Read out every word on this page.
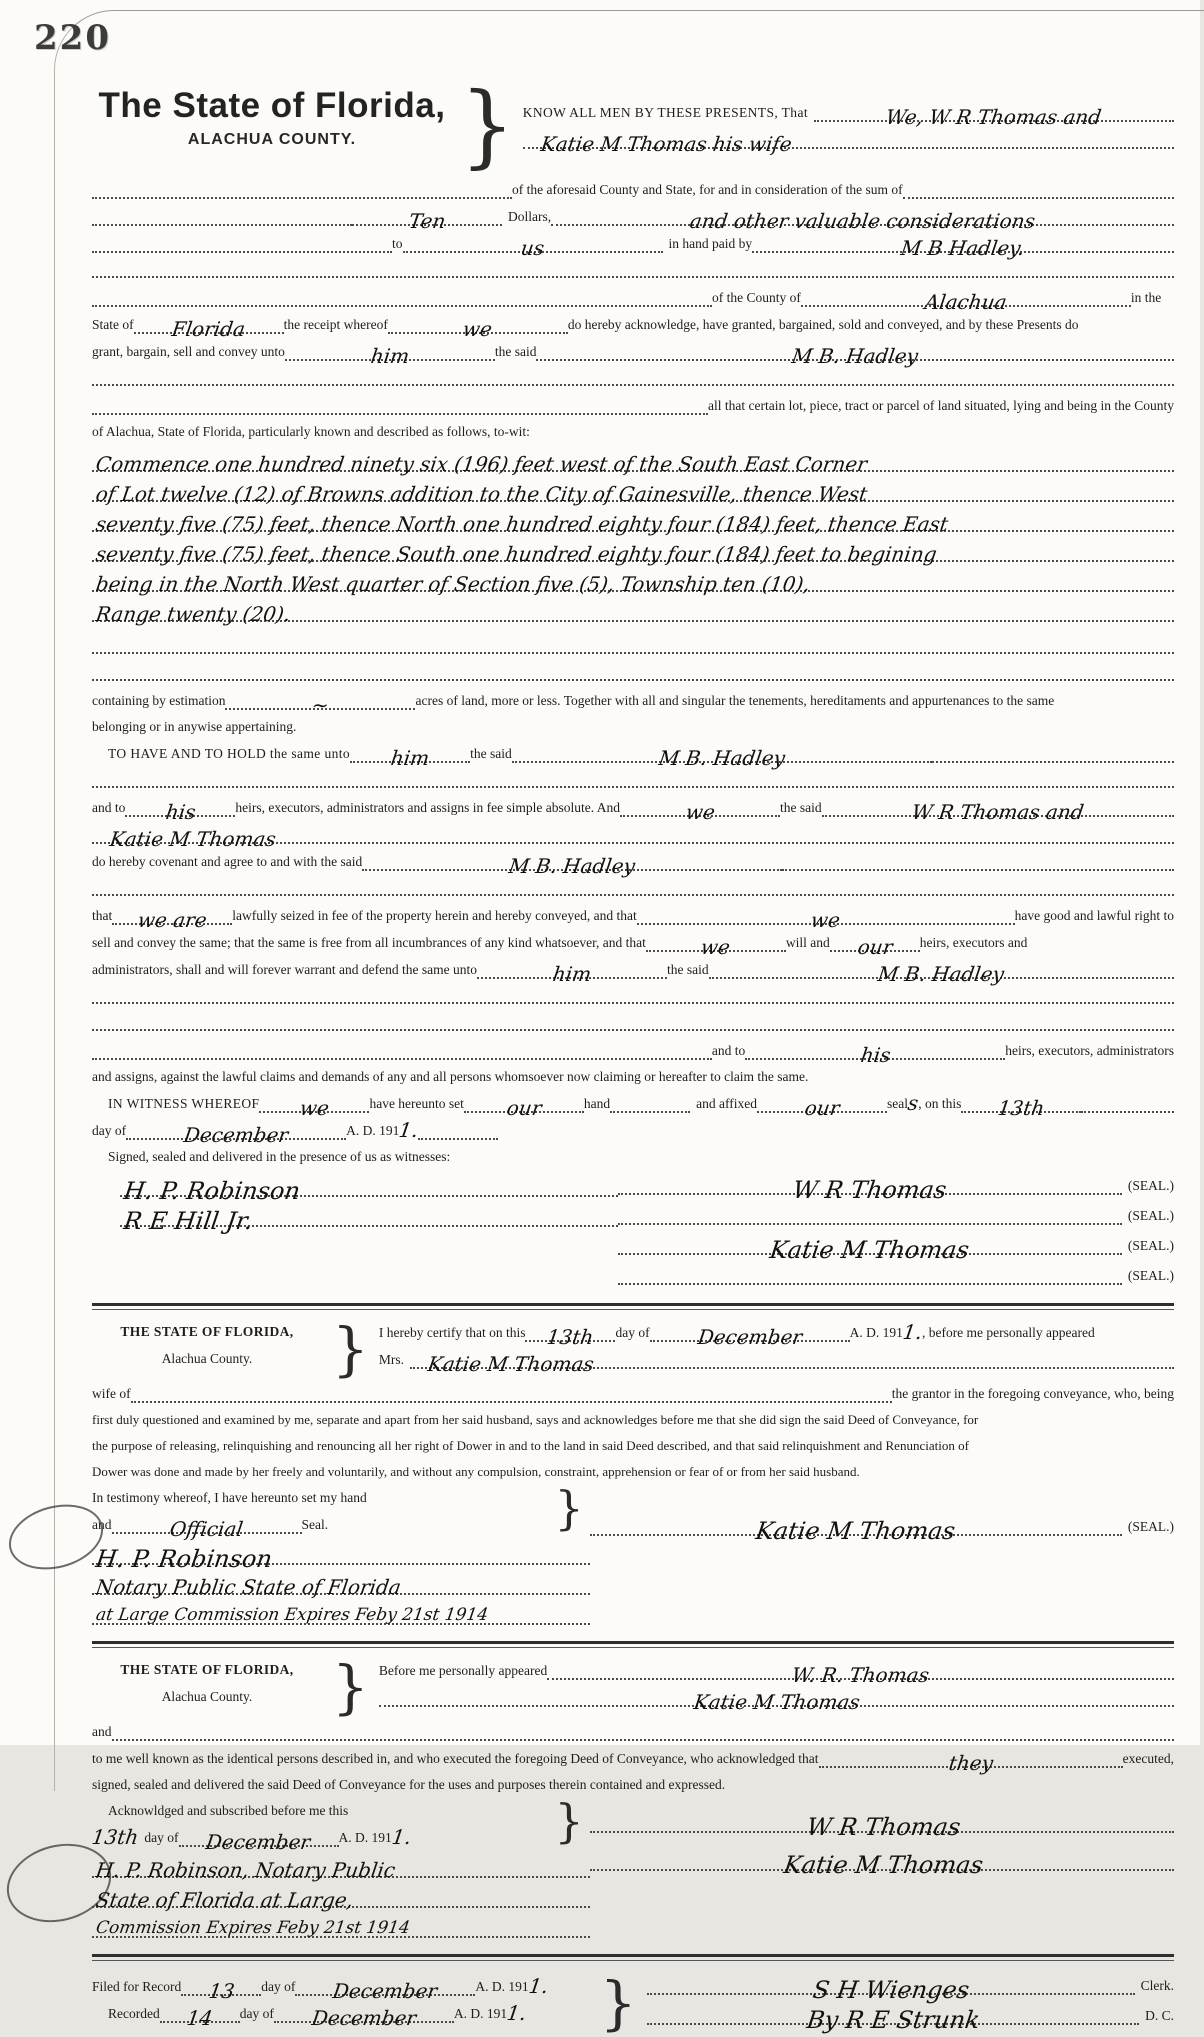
220
The State of Florida,
ALACHUA COUNTY.	} KNOW ALL MEN BY THESE PRESENTS, That	We, W R Thomas and
Katie M Thomas his wife
of the aforesaid County and State, for and in consideration of the sum of
Ten	Dollars,	and other valuable considerations
to	us	in hand paid by	M B Hadley.
of the County of	Alachua	in the
State of	Florida	the receipt whereof	we	do hereby acknowledge, have granted, bargained, sold and conveyed, and by these Presents do
grant, bargain, sell and convey unto	him	the said	M B. Hadley
all that certain lot, piece, tract or parcel of land situated, lying and being in the County
of Alachua, State of Florida, particularly known and described as follows, to-wit:
Commence one hundred ninety six (196) feet west of the South East Corner
of Lot twelve (12) of Browns addition to the City of Gainesville, thence West
seventy five (75) feet, thence North one hundred eighty four (184) feet, thence East
seventy five (75) feet, thence South one hundred eighty four (184) feet to begining
being in the North West quarter of Section five (5), Township ten (10),
Range twenty (20).
containing by estimation	~	acres of land, more or less. Together with all and singular the tenements, hereditaments and appurtenances to the same
belonging or in anywise appertaining.
TO HAVE AND TO HOLD the same unto	him	the said	M B. Hadley
and to	his	heirs, executors, administrators and assigns in fee simple absolute. And	we	the said	W R Thomas and
Katie M Thomas
do hereby covenant and agree to and with the said	M B. Hadley
that	we are	lawfully seized in fee of the property herein and hereby conveyed, and that	we	have good and lawful right to
sell and convey the same; that the same is free from all incumbrances of any kind whatsoever, and that	we	will and	our	heirs, executors and
administrators, shall and will forever warrant and defend the same unto	him	the said	M B. Hadley
and to	his	heirs, executors, administrators
and assigns, against the lawful claims and demands of any and all persons whomsoever now claiming or hereafter to claim the same.
IN WITNESS WHEREOF	we	have hereunto set	our	hand	and affixed	our	seal
s
, on this	13th
day of	December	A. D. 191
1.
Signed, sealed and delivered in the presence of us as witnesses:
H. P. Robinson
R E Hill Jr.
W R Thomas	(SEAL.)
(SEAL.)
Katie M Thomas	(SEAL.)
(SEAL.)
THE STATE OF FLORIDA,
Alachua County.	} I hereby certify that on this	13th	day of	December	A. D. 191
1.
, before me personally appeared
Mrs.	Katie M Thomas
wife of	the grantor in the foregoing conveyance, who, being
first duly questioned and examined by me, separate and apart from her said husband, says and acknowledges before me that she did sign the said Deed of Conveyance, for
the purpose of releasing, relinquishing and renouncing all her right of Dower in and to the land in said Deed described, and that said relinquishment and Renunciation of
Dower was done and made by her freely and voluntarily, and without any compulsion, constraint, apprehension or fear of or from her said husband.
In testimony whereof, I have hereunto set my hand
and	Official	Seal.	}
H. P. Robinson
Notary Public State of Florida
at Large Commission Expires Feby 21st 1914
Katie M Thomas	(SEAL.)
THE STATE OF FLORIDA,
Alachua County.	} Before me personally appeared	W. R. Thomas
Katie M Thomas
and
to me well known as the identical persons described in, and who executed the foregoing Deed of Conveyance, who acknowledged that	they	executed,
signed, sealed and delivered the said Deed of Conveyance for the uses and purposes therein contained and expressed.
Acknowldged and subscribed before me this
13th day of	December	A. D. 191
1.	}
H. P. Robinson, Notary Public
State of Florida at Large,
Commission Expires Feby 21st 1914
W R Thomas
Katie M Thomas
Filed for Record	13	day of	December	A. D. 191
1.
Recorded	14	day of	December	A. D. 191
1. }	S H Wienges	Clerk.
By R E Strunk	D. C.
